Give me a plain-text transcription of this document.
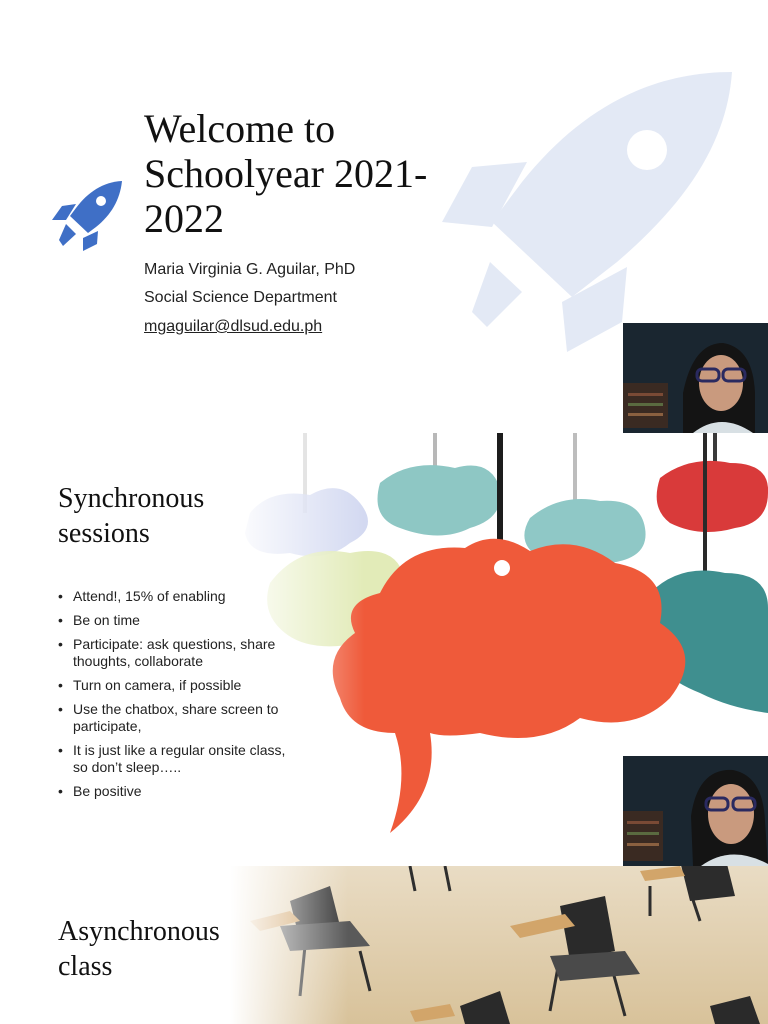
Welcome to Schoolyear 2021-2022
Maria Virginia G. Aguilar, PhD
Social Science Department
mgaguilar@dlsud.edu.ph
Synchronous sessions
• Attend!, 15% of enabling
• Be on time
• Participate: ask questions, share thoughts, collaborate
• Turn on camera, if possible
• Use the chatbox, share screen to participate,
• It is just like a regular onsite class, so don’t sleep…..
• Be positive
Asynchronous class
